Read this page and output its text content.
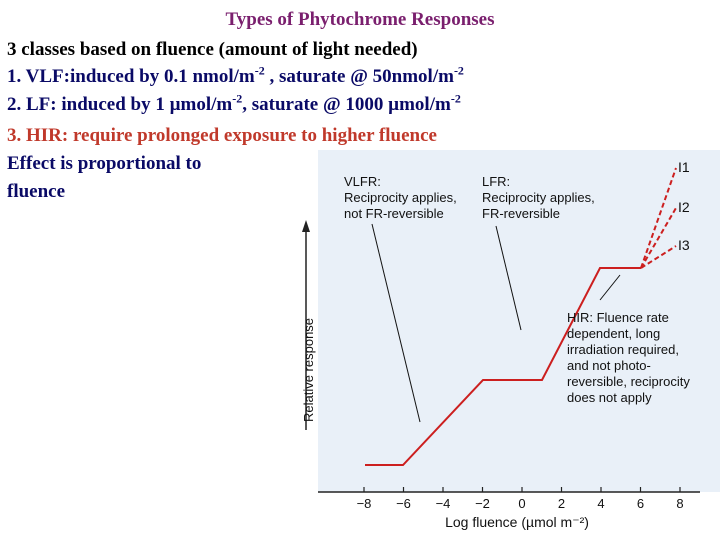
Types of Phytochrome Responses
3 classes based on fluence (amount of light needed)
1. VLF:induced by 0.1 nmol/$m^{-2}$ , saturate @ $50nmol/m^{-2}$
2. LF: induced by 1 µmol/$m^{-2}$, saturate @ 1000 µmol/$m^{-2}$
3. HIR: require prolonged exposure to higher fluence
Effect is proportional to
fluence
Relative response
−8 −6 −4 −2 0 2 4 6 8
Log fluence (µmol m⁻²)
I1
I2
I3
VLFR:
Reciprocity applies,
not FR-reversible
LFR:
Reciprocity applies,
FR-reversible
HIR: Fluence rate
dependent, long
irradiation required,
and not photo-
reversible, reciprocity
does not apply
